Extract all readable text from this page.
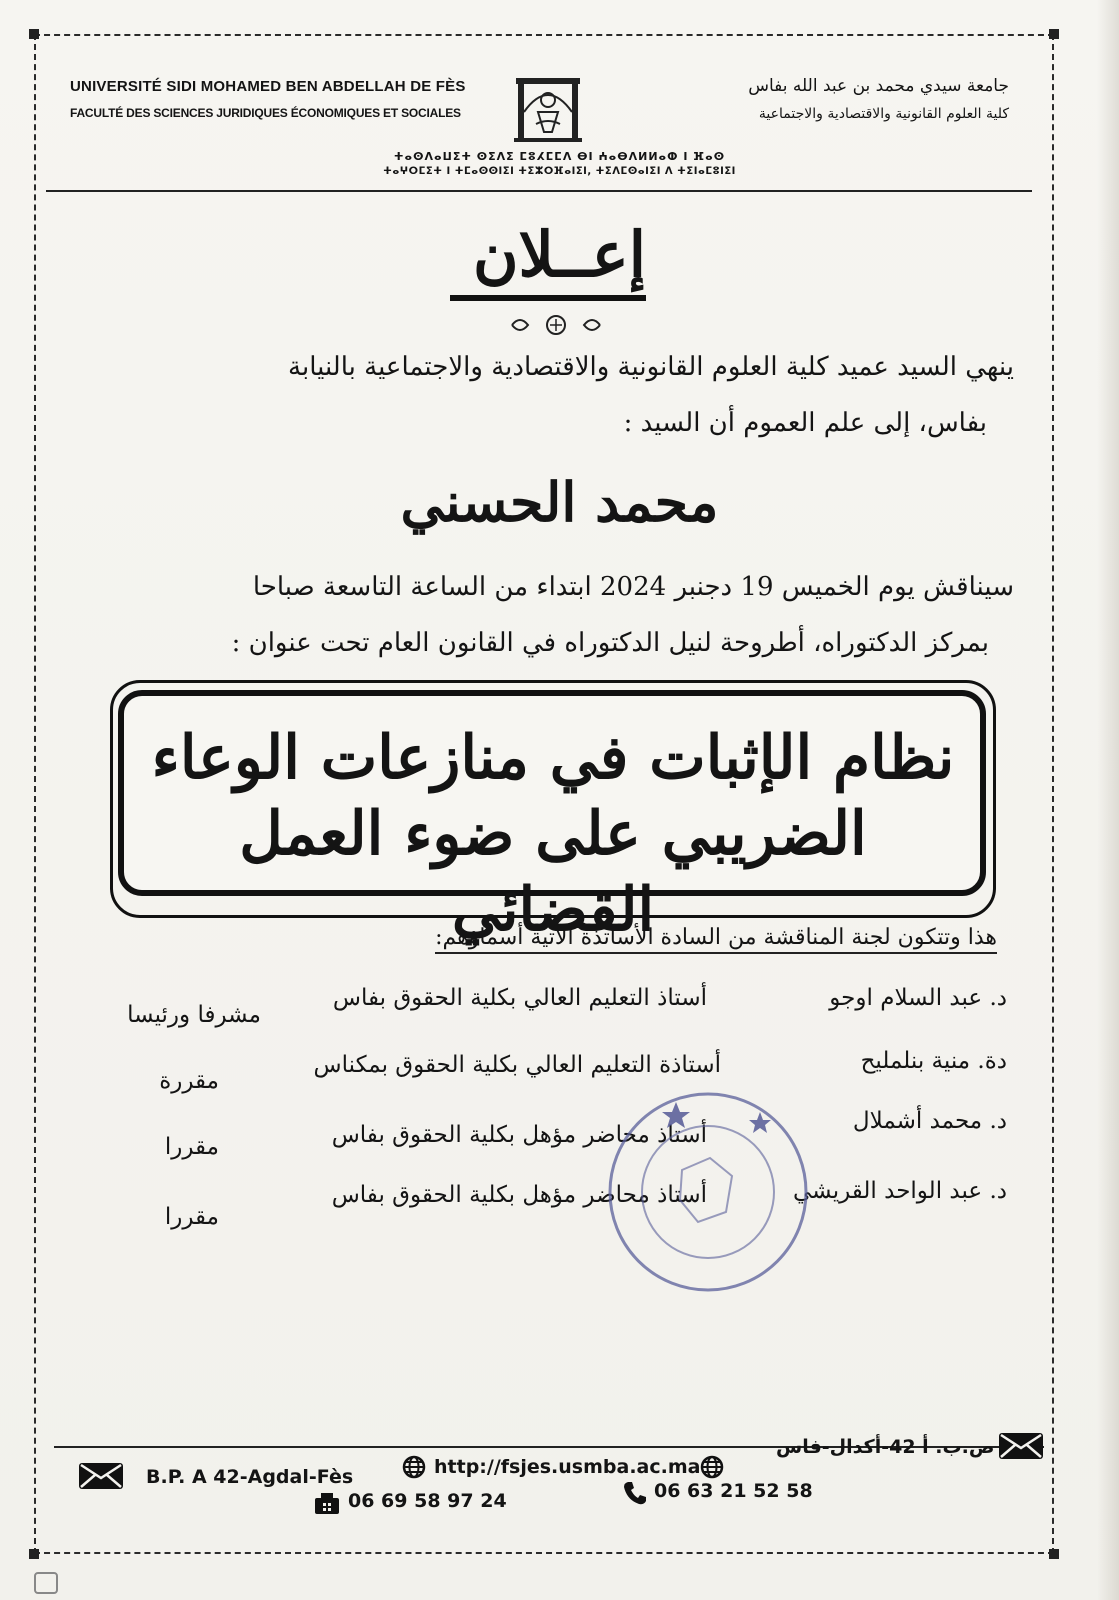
UNIVERSITÉ SIDI MOHAMED BEN ABDELLAH DE FÈS
FACULTÉ DES SCIENCES JURIDIQUES ÉCONOMIQUES ET SOCIALES
جامعة سيدي محمد بن عبد الله بفاس
كلية العلوم القانونية والاقتصادية والاجتماعية
ⵜⴰⵙⴷⴰⵡⵉⵜ ⵙⵉⴷⵉ ⵎⵓⵃⵎⵎⴷ ⴱⵏ ⵄⴰⴱⴷⵍⵍⴰⵀ ⵏ ⴼⴰⵙ
ⵜⴰⵖⵔⵎⵉⵜ ⵏ ⵜⵎⴰⵙⵙⵏⵉⵏ ⵜⵉⵣⵔⴼⴰⵏⵉⵏ, ⵜⵉⴷⵎⵙⴰⵏⵉⵏ ⴷ ⵜⵉⵏⴰⵎⵓⵏⵉⵏ
إعــلان
ينهي السيد عميد كلية العلوم القانونية والاقتصادية والاجتماعية بالنيابة
بفاس، إلى علم العموم أن السيد :
محمد الحسني
سيناقش يوم الخميس 19 دجنبر 2024 ابتداء من الساعة التاسعة صباحا
بمركز الدكتوراه، أطروحة لنيل الدكتوراه في القانون العام تحت عنوان :
نظام الإثبات في منازعات الوعاء الضريبي على ضوء العمل القضائي
هذا وتتكون لجنة المناقشة من السادة الأساتذة الآتية أسماؤهم:
د. عبد السلام اوجو
أستاذ التعليم العالي بكلية الحقوق بفاس
مشرفا ورئيسا
دة. منية بنلمليح
أستاذة التعليم العالي بكلية الحقوق بمكناس
مقررة
د. محمد أشملال
أستاذ محاضر مؤهل بكلية الحقوق بفاس
مقررا
د. عبد الواحد القريشي
أستاذ محاضر مؤهل بكلية الحقوق بفاس
مقررا
ص.ب. أ 42-أكدال-فاس
http://fsjes.usmba.ac.ma
B.P. A 42-Agdal-Fès
06 63 21 52 58
06 69 58 97 24
